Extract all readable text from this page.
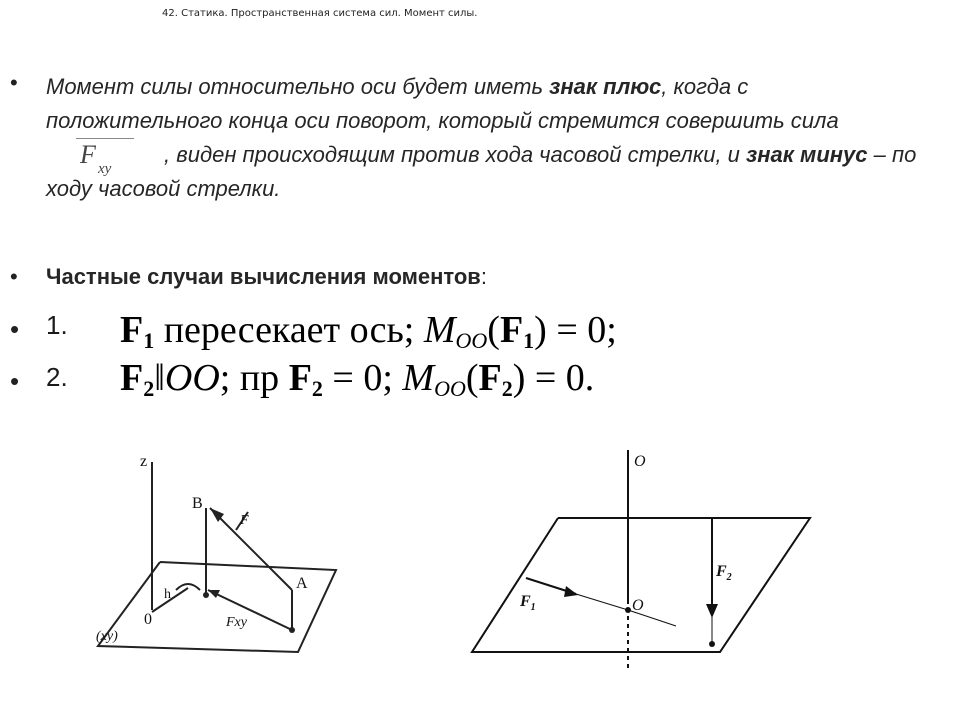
42. Статика. Пространственная система сил. Момент силы.
• Момент силы относительно оси будет иметь знак плюс, когда с положительного конца оси поворот, который стремится совершить сила
F xy
, виден происходящим против хода часовой стрелки, и знак минус – по ходу часовой стрелки.
• Частные случаи вычисления моментов:
• 1. F1 пересекает ось; $M_{OO}(F1) = 0$;
• 2. F2‖OO; пр F2 = 0; $M_{OO}(F2) = 0$.
z
B
A
0
h
F
Fxy
(xy)
O
O
$F_1$
$F_2$
